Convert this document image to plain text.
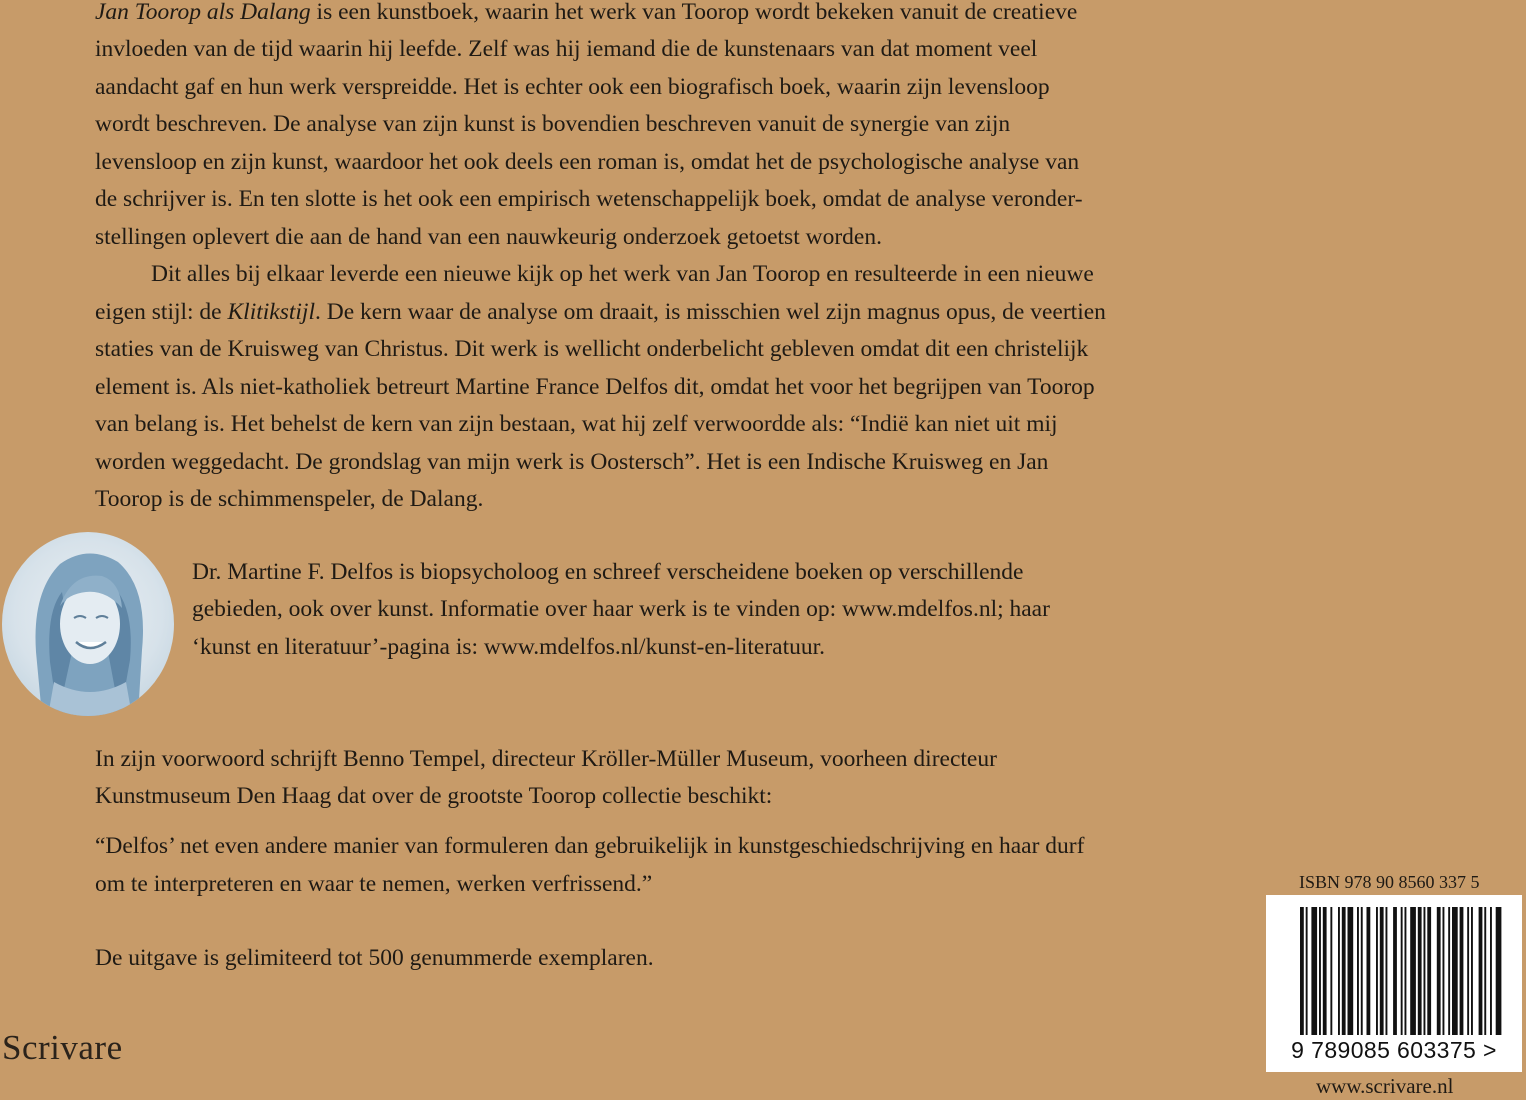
Jan Toorop als Dalang is een kunstboek, waarin het werk van Toorop wordt bekeken vanuit de creatieve
invloeden van de tijd waarin hij leefde. Zelf was hij iemand die de kunstenaars van dat moment veel
aandacht gaf en hun werk verspreidde. Het is echter ook een biografisch boek, waarin zijn levensloop
wordt beschreven. De analyse van zijn kunst is bovendien beschreven vanuit de synergie van zijn
levensloop en zijn kunst, waardoor het ook deels een roman is, omdat het de psychologische analyse van
de schrijver is. En ten slotte is het ook een empirisch wetenschappelijk boek, omdat de analyse veronder-
stellingen oplevert die aan de hand van een nauwkeurig onderzoek getoetst worden.
Dit alles bij elkaar leverde een nieuwe kijk op het werk van Jan Toorop en resulteerde in een nieuwe
eigen stijl: de Klitikstijl. De kern waar de analyse om draait, is misschien wel zijn magnus opus, de veertien
staties van de Kruisweg van Christus. Dit werk is wellicht onderbelicht gebleven omdat dit een christelijk
element is. Als niet-katholiek betreurt Martine France Delfos dit, omdat het voor het begrijpen van Toorop
van belang is. Het behelst de kern van zijn bestaan, wat hij zelf verwoordde als: “Indië kan niet uit mij
worden weggedacht. De grondslag van mijn werk is Oostersch”. Het is een Indische Kruisweg en Jan
Toorop is de schimmenspeler, de Dalang.
Dr. Martine F. Delfos is biopsycholoog en schreef verscheidene boeken op verschillende
gebieden, ook over kunst. Informatie over haar werk is te vinden op: www.mdelfos.nl; haar
‘kunst en literatuur’-pagina is: www.mdelfos.nl/kunst-en-literatuur.
In zijn voorwoord schrijft Benno Tempel, directeur Kröller-Müller Museum, voorheen directeur
Kunstmuseum Den Haag dat over de grootste Toorop collectie beschikt:
“Delfos’ net even andere manier van formuleren dan gebruikelijk in kunstgeschiedschrijving en haar durf
om te interpreteren en waar te nemen, werken verfrissend.”
De uitgave is gelimiteerd tot 500 genummerde exemplaren.
Scrivare
ISBN 978 90 8560 337 5
9 789085 603375 >
www.scrivare.nl
